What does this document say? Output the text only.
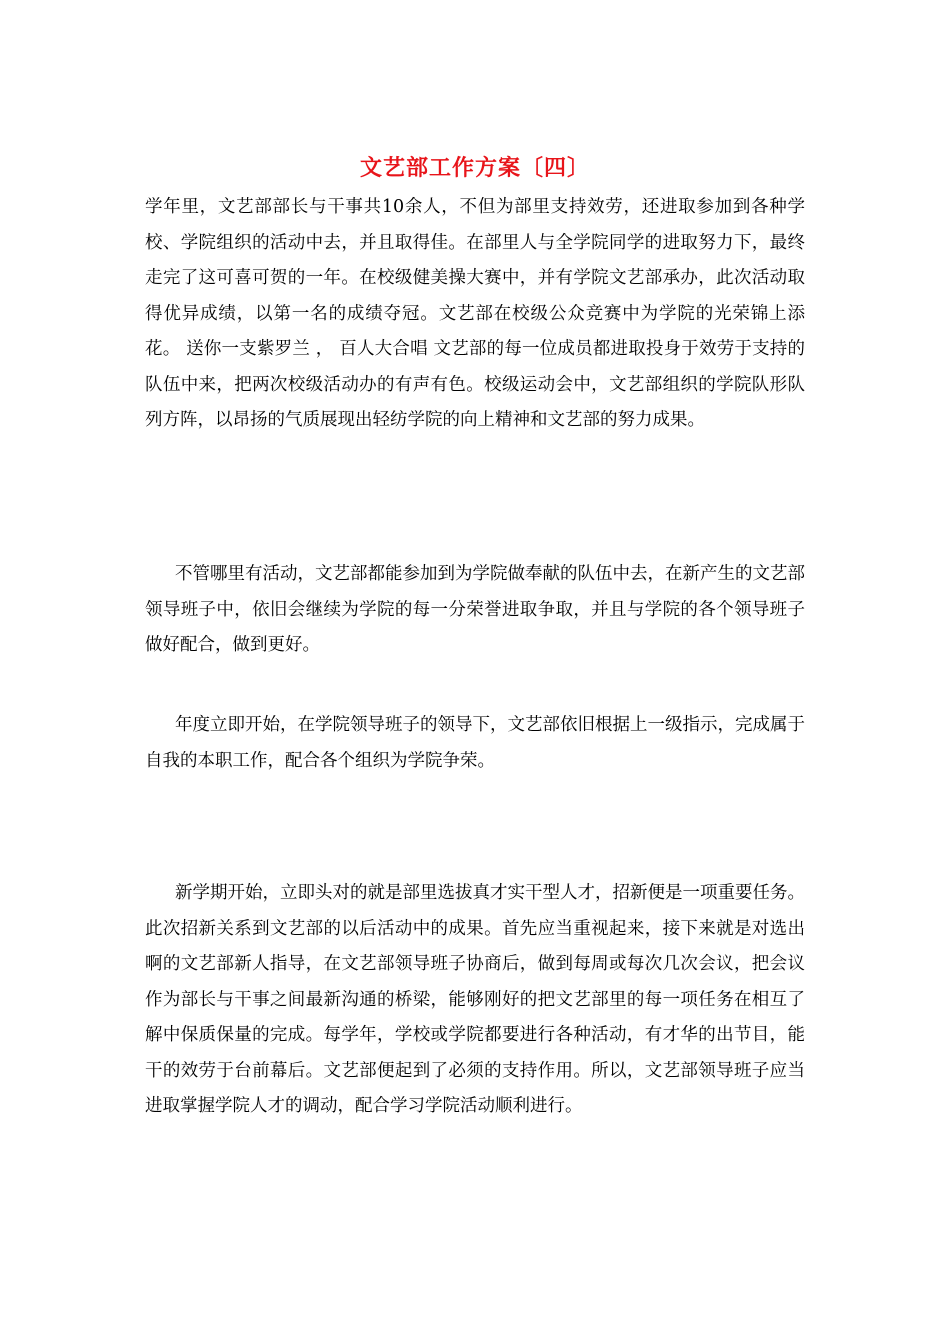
文艺部工作方案〔四〕

学年里，文艺部部长与干事共10余人，不但为部里支持效劳，还进取参加到各种学校、学院组织的活动中去，并且取得佳。在部里人与全学院同学的进取努力下，最终走完了这可喜可贺的一年。在校级健美操大赛中，并有学院文艺部承办，此次活动取得优异成绩，以第一名的成绩夺冠。文艺部在校级公众竞赛中为学院的光荣锦上添花。 送你一支紫罗兰 ， 百人大合唱 文艺部的每一位成员都进取投身于效劳于支持的队伍中来，把两次校级活动办的有声有色。校级运动会中，文艺部组织的学院队形队列方阵，以昂扬的气质展现出轻纺学院的向上精神和文艺部的努力成果。

不管哪里有活动，文艺部都能参加到为学院做奉献的队伍中去，在新产生的文艺部领导班子中，依旧会继续为学院的每一分荣誉进取争取，并且与学院的各个领导班子做好配合，做到更好。

年度立即开始，在学院领导班子的领导下，文艺部依旧根据上一级指示，完成属于自我的本职工作，配合各个组织为学院争荣。

新学期开始，立即头对的就是部里选拔真才实干型人才，招新便是一项重要任务。此次招新关系到文艺部的以后活动中的成果。首先应当重视起来，接下来就是对选出啊的文艺部新人指导，在文艺部领导班子协商后，做到每周或每次几次会议，把会议作为部长与干事之间最新沟通的桥梁，能够刚好的把文艺部里的每一项任务在相互了解中保质保量的完成。每学年，学校或学院都要进行各种活动，有才华的出节目，能干的效劳于台前幕后。文艺部便起到了必须的支持作用。所以，文艺部领导班子应当进取掌握学院人才的调动，配合学习学院活动顺利进行。
